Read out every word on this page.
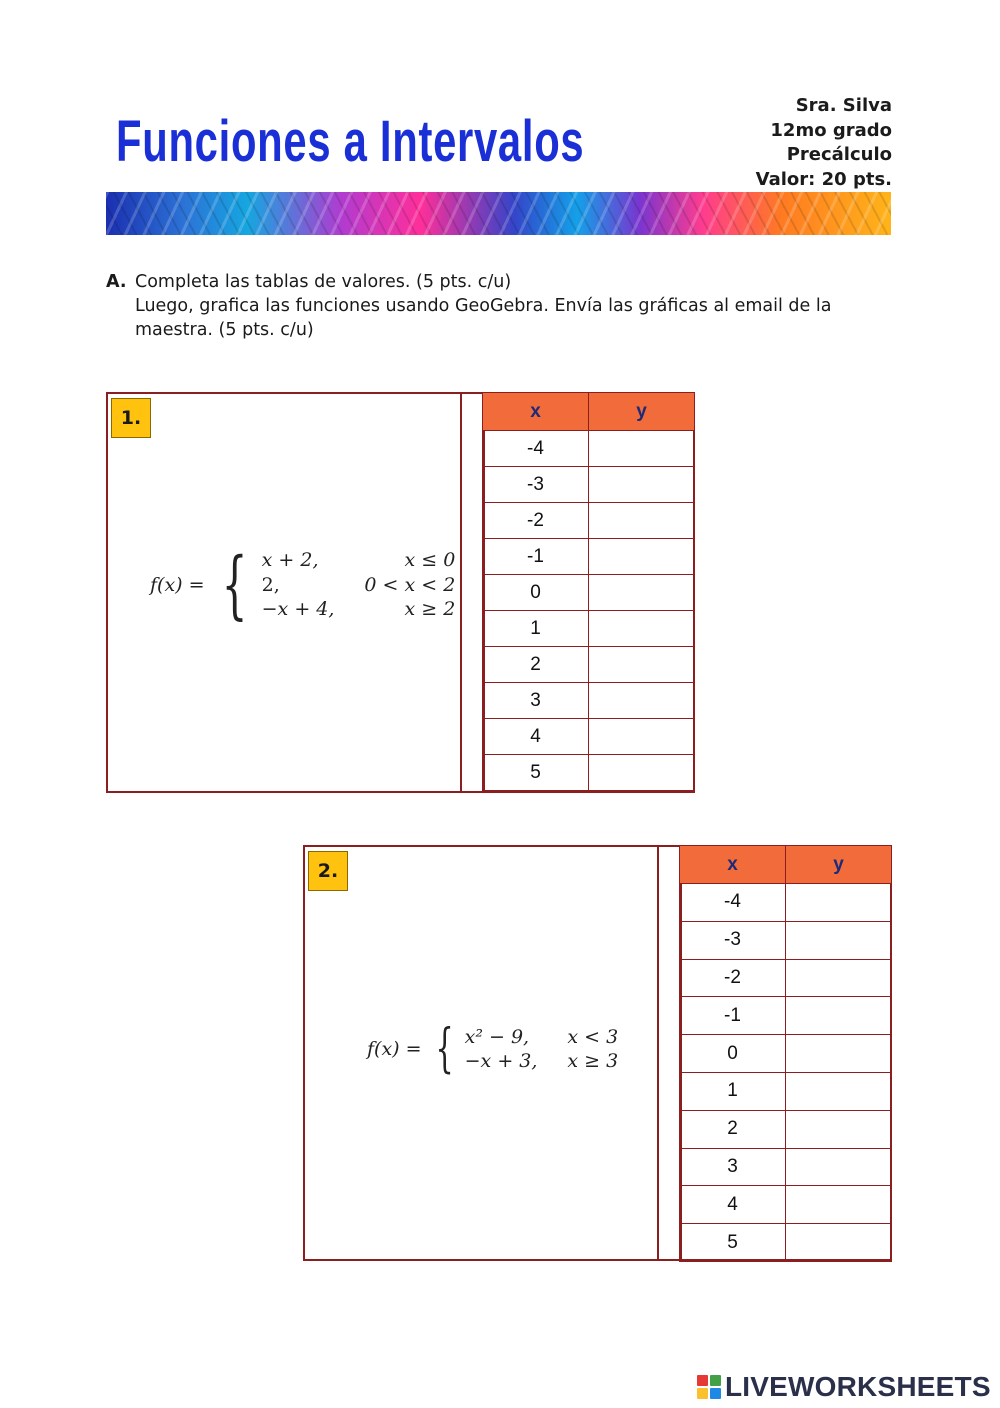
Funciones a Intervalos
Sra. Silva
12mo grado
Precálculo
Valor: 20 pts.
A. Completa las tablas de valores. (5 pts. c/u)
Luego, grafica las funciones usando GeoGebra. Envía las gráficas al email de la maestra. (5 pts. c/u)
1.
f(x) = { x + 2,	x ≤ 0
2,	0 < x < 2
−x + 4,	x ≥ 2
x	y
-4	
-3	
-2	
-1	
0	
1	
2	
3	
4	
5	
2.
f(x) = { x² − 9,	x < 3
−x + 3,	x ≥ 3
x	y
-4	
-3	
-2	
-1	
0	
1	
2	
3	
4	
5	
LIVEWORKSHEETS
